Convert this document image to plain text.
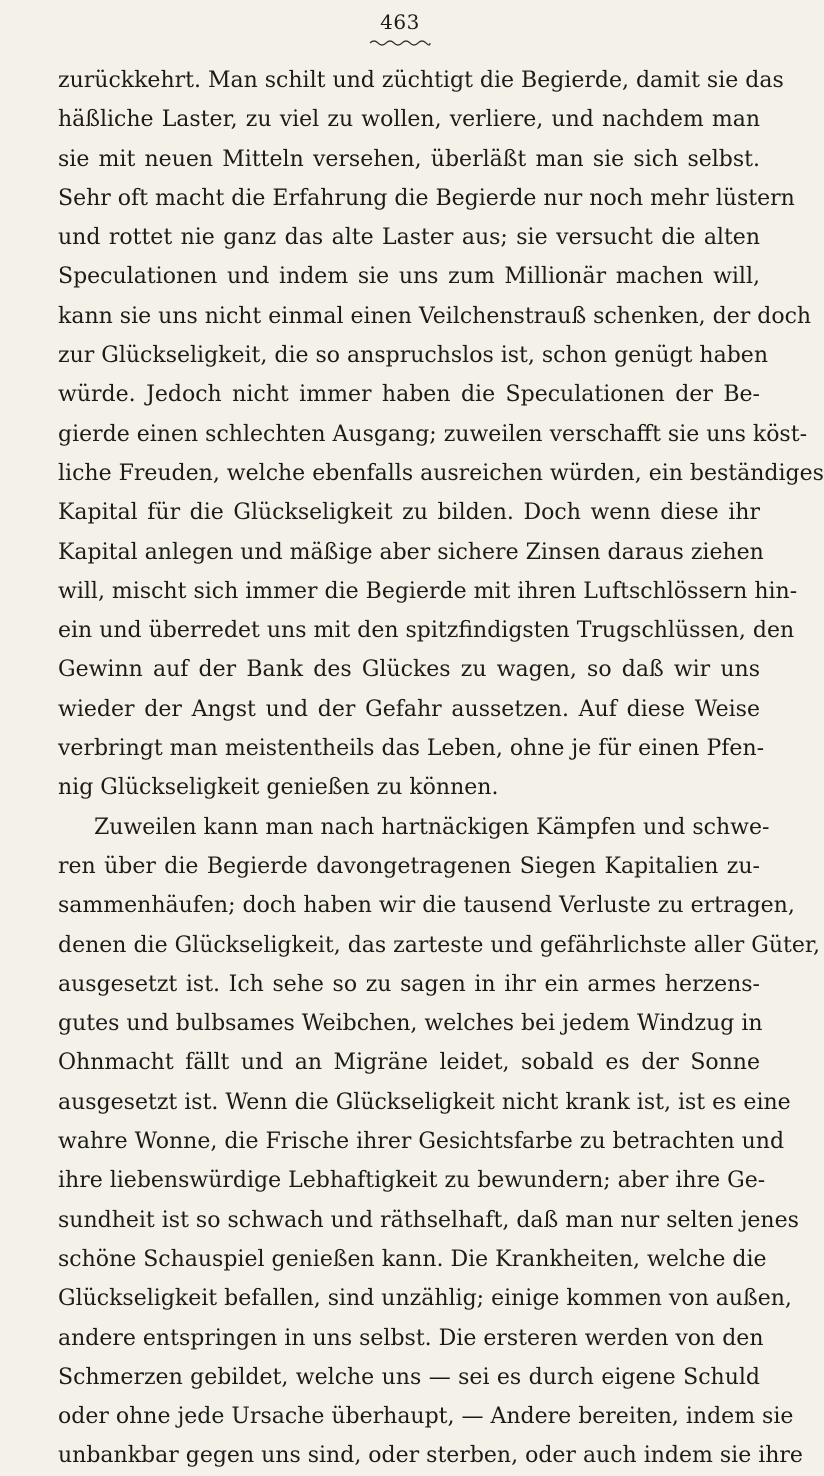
463

zurückkehrt. Man schilt und züchtigt die Begierde, damit sie das
häßliche Laster, zu viel zu wollen, verliere, und nachdem man
sie mit neuen Mitteln versehen, überläßt man sie sich selbst.
Sehr oft macht die Erfahrung die Begierde nur noch mehr lüstern
und rottet nie ganz das alte Laster aus; sie versucht die alten
Speculationen und indem sie uns zum Millionär machen will,
kann sie uns nicht einmal einen Veilchenstrauß schenken, der doch
zur Glückseligkeit, die so anspruchslos ist, schon genügt haben
würde. Jedoch nicht immer haben die Speculationen der Be-
gierde einen schlechten Ausgang; zuweilen verschafft sie uns köst-
liche Freuden, welche ebenfalls ausreichen würden, ein beständiges
Kapital für die Glückseligkeit zu bilden. Doch wenn diese ihr
Kapital anlegen und mäßige aber sichere Zinsen daraus ziehen
will, mischt sich immer die Begierde mit ihren Luftschlössern hin-
ein und überredet uns mit den spitzfindigsten Trugschlüssen, den
Gewinn auf der Bank des Glückes zu wagen, so daß wir uns
wieder der Angst und der Gefahr aussetzen. Auf diese Weise
verbringt man meistentheils das Leben, ohne je für einen Pfen-
nig Glückseligkeit genießen zu können.
Zuweilen kann man nach hartnäckigen Kämpfen und schwe-
ren über die Begierde davongetragenen Siegen Kapitalien zu-
sammenhäufen; doch haben wir die tausend Verluste zu ertragen,
denen die Glückseligkeit, das zarteste und gefährlichste aller Güter,
ausgesetzt ist. Ich sehe so zu sagen in ihr ein armes herzens-
gutes und bulbsames Weibchen, welches bei jedem Windzug in
Ohnmacht fällt und an Migräne leidet, sobald es der Sonne
ausgesetzt ist. Wenn die Glückseligkeit nicht krank ist, ist es eine
wahre Wonne, die Frische ihrer Gesichtsfarbe zu betrachten und
ihre liebenswürdige Lebhaftigkeit zu bewundern; aber ihre Ge-
sundheit ist so schwach und räthselhaft, daß man nur selten jenes
schöne Schauspiel genießen kann. Die Krankheiten, welche die
Glückseligkeit befallen, sind unzählig; einige kommen von außen,
andere entspringen in uns selbst. Die ersteren werden von den
Schmerzen gebildet, welche uns — sei es durch eigene Schuld
oder ohne jede Ursache überhaupt, — Andere bereiten, indem sie
unbankbar gegen uns sind, oder sterben, oder auch indem sie ihre
